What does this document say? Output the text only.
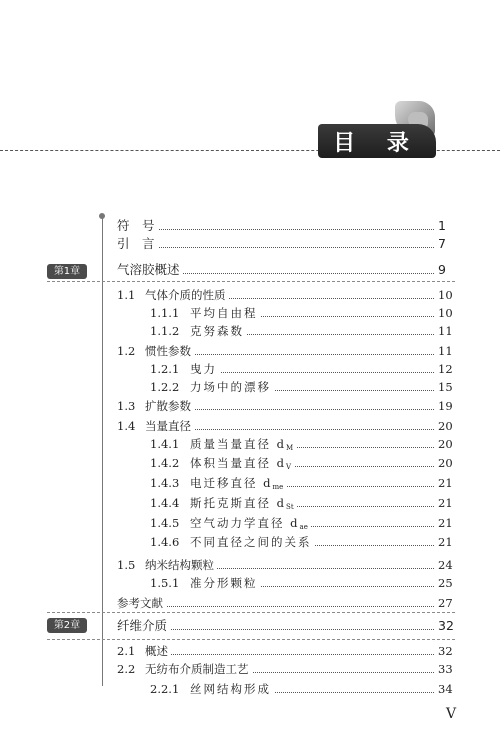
目 录
第1章
第2章
符　号	1
引　言	7
气溶胶概述	9
1.1 气体介质的性质	10
1.1.1 平均自由程	10
1.1.2 克努森数	11
1.2 惯性参数	11
1.2.1 曳力	12
1.2.2 力场中的漂移	15
1.3 扩散参数	19
1.4 当量直径	20
1.4.1 质量当量直径 $d_M$	20
1.4.2 体积当量直径 $d_V$	20
1.4.3 电迁移直径 $d_{me}$	21
1.4.4 斯托克斯直径 $d_{St}$	21
1.4.5 空气动力学直径 $d_{ae}$	21
1.4.6 不同直径之间的关系	21
1.5 纳米结构颗粒	24
1.5.1 准分形颗粒	25
参考文献	27
纤维介质	32
2.1 概述	32
2.2 无纺布介质制造工艺	33
2.2.1 丝网结构形成	34
V
